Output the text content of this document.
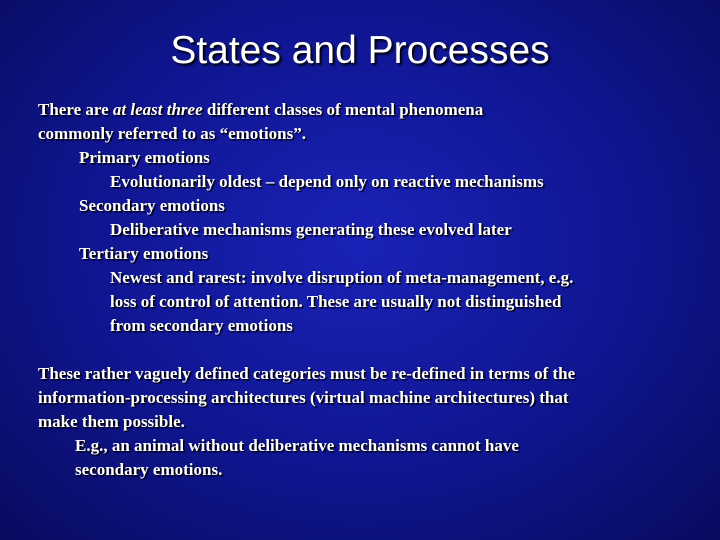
States and Processes
There are at least three different classes of mental phenomena
commonly referred to as “emotions”.
Primary emotions
Evolutionarily oldest – depend only on reactive mechanisms
Secondary emotions
Deliberative mechanisms generating these evolved later
Tertiary emotions
Newest and rarest: involve disruption of meta-management, e.g.
loss of control of attention. These are usually not distinguished
from secondary emotions
These rather vaguely defined categories must be re-defined in terms of the
information-processing architectures (virtual machine architectures) that
make them possible.
E.g., an animal without deliberative mechanisms cannot have
secondary emotions.
